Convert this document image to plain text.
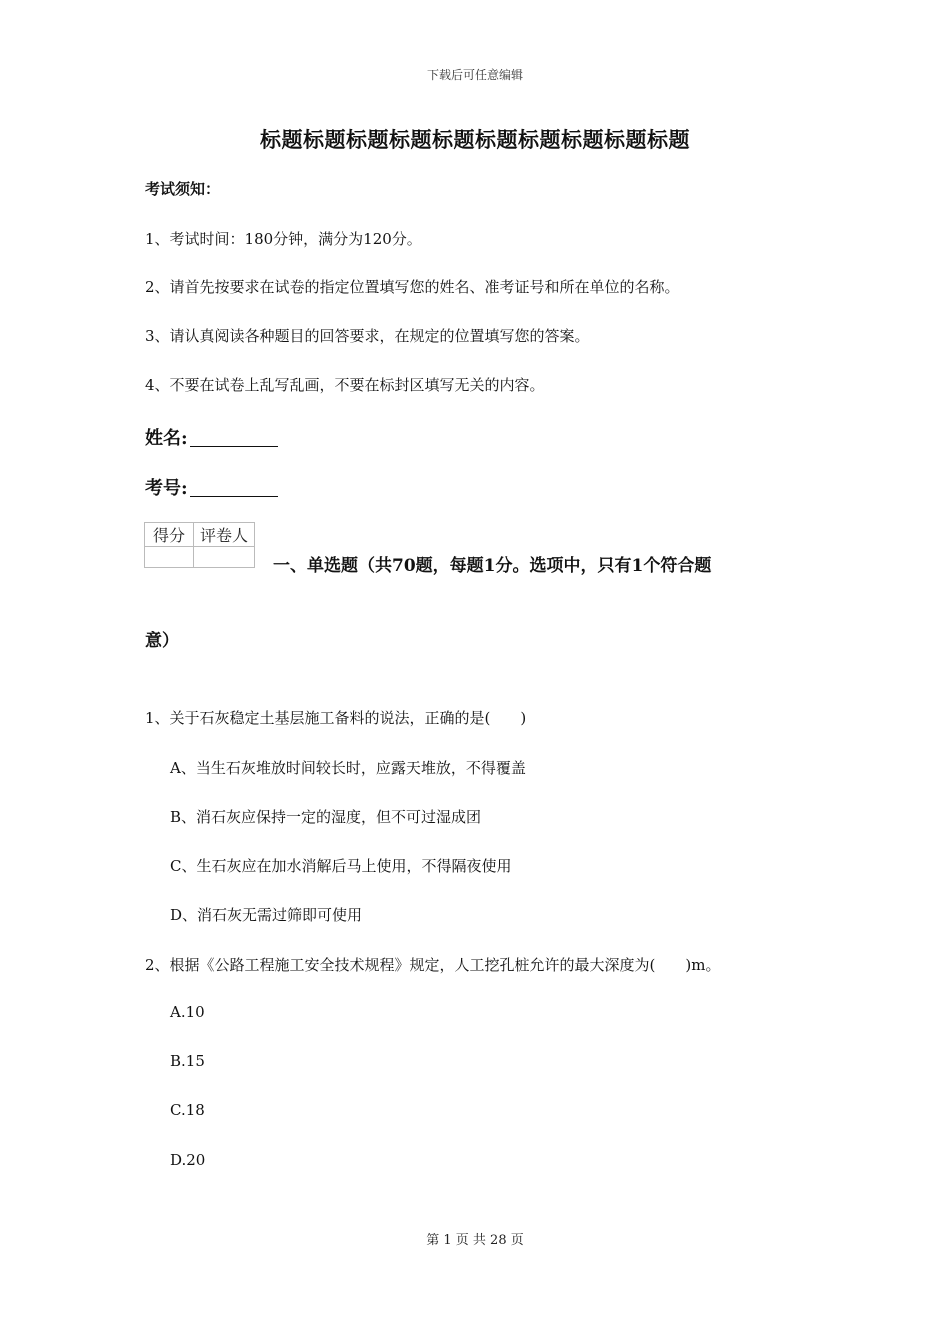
下载后可任意编辑
标题标题标题标题标题标题标题标题标题标题
考试须知：
1、考试时间：180分钟，满分为120分。
2、请首先按要求在试卷的指定位置填写您的姓名、准考证号和所在单位的名称。
3、请认真阅读各种题目的回答要求，在规定的位置填写您的答案。
4、不要在试卷上乱写乱画，不要在标封区填写无关的内容。
姓名:
考号:
得分	评卷人

一、单选题（共70题，每题1分。选项中，只有1个符合题
意）
1、关于石灰稳定土基层施工备料的说法，正确的是(　　)
A、当生石灰堆放时间较长时，应露天堆放，不得覆盖
B、消石灰应保持一定的湿度，但不可过湿成团
C、生石灰应在加水消解后马上使用，不得隔夜使用
D、消石灰无需过筛即可使用
2、根据《公路工程施工安全技术规程》规定，人工挖孔桩允许的最大深度为(　　)m。
A.10
B.15
C.18
D.20
第 1 页 共 28 页
